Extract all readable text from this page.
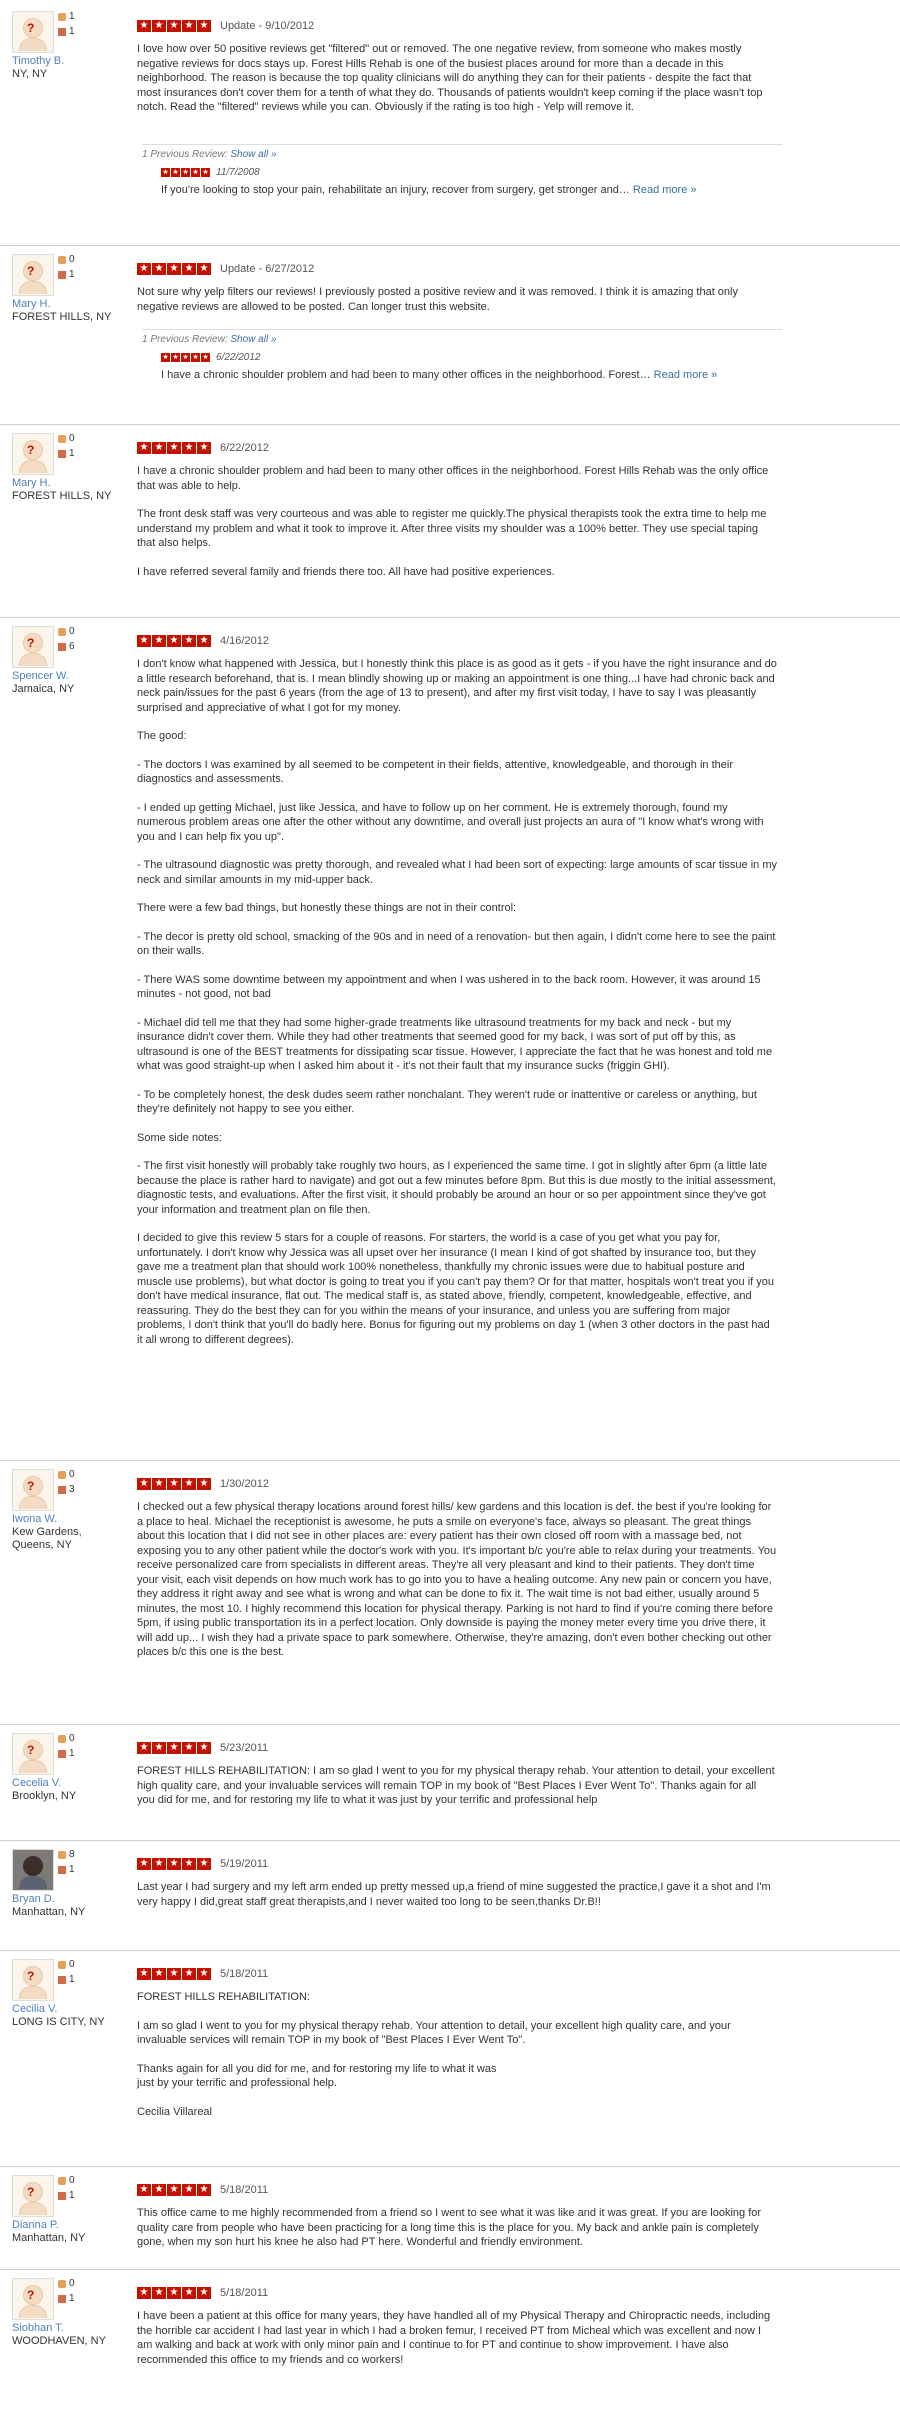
?
1
1
Timothy B.
NY, NY
★ ★ ★ ★ ★ Update - 9/10/2012

I love how over 50 positive reviews get "filtered" out or removed. The one negative review, from someone who makes mostly negative reviews for docs stays up. Forest Hills Rehab is one of the busiest places around for more than a decade in this neighborhood. The reason is because the top quality clinicians will do anything they can for their patients - despite the fact that most insurances don't cover them for a tenth of what they do. Thousands of patients wouldn't keep coming if the place wasn't top notch. Read the "filtered" reviews while you can. Obviously if the rating is too high - Yelp will remove it.

1 Previous Review: Show all »
★ ★ ★ ★ ★ 11/7/2008
If you're looking to stop your pain, rehabilitate an injury, recover from surgery, get stronger and… Read more »
?
0
1
Mary H.
FOREST HILLS, NY
★ ★ ★ ★ ★ Update - 6/27/2012

Not sure why yelp filters our reviews! I previously posted a positive review and it was removed. I think it is amazing that only negative reviews are allowed to be posted. Can longer trust this website.

1 Previous Review: Show all »
★ ★ ★ ★ ★ 6/22/2012
I have a chronic shoulder problem and had been to many other offices in the neighborhood. Forest… Read more »
?
0
1
Mary H.
FOREST HILLS, NY
★ ★ ★ ★ ★ 6/22/2012

I have a chronic shoulder problem and had been to many other offices in the neighborhood. Forest Hills Rehab was the only office that was able to help.

The front desk staff was very courteous and was able to register me quickly.The physical therapists took the extra time to help me understand my problem and what it took to improve it. After three visits my shoulder was a 100% better. They use special taping that also helps.

I have referred several family and friends there too. All have had positive experiences.

?
0
6
Spencer W.
Jamaica, NY
★ ★ ★ ★ ★ 4/16/2012

I don't know what happened with Jessica, but I honestly think this place is as good as it gets - if you have the right insurance and do a little research beforehand, that is. I mean blindly showing up or making an appointment is one thing...I have had chronic back and neck pain/issues for the past 6 years (from the age of 13 to present), and after my first visit today, I have to say I was pleasantly surprised and appreciative of what I got for my money.

The good:

- The doctors I was examined by all seemed to be competent in their fields, attentive, knowledgeable, and thorough in their diagnostics and assessments.

- I ended up getting Michael, just like Jessica, and have to follow up on her comment. He is extremely thorough, found my numerous problem areas one after the other without any downtime, and overall just projects an aura of "I know what's wrong with you and I can help fix you up".

- The ultrasound diagnostic was pretty thorough, and revealed what I had been sort of expecting: large amounts of scar tissue in my neck and similar amounts in my mid-upper back.

There were a few bad things, but honestly these things are not in their control:

- The decor is pretty old school, smacking of the 90s and in need of a renovation- but then again, I didn't come here to see the paint on their walls.

- There WAS some downtime between my appointment and when I was ushered in to the back room. However, it was around 15 minutes - not good, not bad

- Michael did tell me that they had some higher-grade treatments like ultrasound treatments for my back and neck - but my insurance didn't cover them. While they had other treatments that seemed good for my back, I was sort of put off by this, as ultrasound is one of the BEST treatments for dissipating scar tissue. However, I appreciate the fact that he was honest and told me what was good straight-up when I asked him about it - it's not their fault that my insurance sucks (friggin GHI).

- To be completely honest, the desk dudes seem rather nonchalant. They weren't rude or inattentive or careless or anything, but they're definitely not happy to see you either.

Some side notes:

- The first visit honestly will probably take roughly two hours, as I experienced the same time. I got in slightly after 6pm (a little late because the place is rather hard to navigate) and got out a few minutes before 8pm. But this is due mostly to the initial assessment, diagnostic tests, and evaluations. After the first visit, it should probably be around an hour or so per appointment since they've got your information and treatment plan on file then.

I decided to give this review 5 stars for a couple of reasons. For starters, the world is a case of you get what you pay for, unfortunately. I don't know why Jessica was all upset over her insurance (I mean I kind of got shafted by insurance too, but they gave me a treatment plan that should work 100% nonetheless, thankfully my chronic issues were due to habitual posture and muscle use problems), but what doctor is going to treat you if you can't pay them? Or for that matter, hospitals won't treat you if you don't have medical insurance, flat out. The medical staff is, as stated above, friendly, competent, knowledgeable, effective, and reassuring. They do the best they can for you within the means of your insurance, and unless you are suffering from major problems, I don't think that you'll do badly here. Bonus for figuring out my problems on day 1 (when 3 other doctors in the past had it all wrong to different degrees).

?
0
3
Iwona W.
Kew Gardens, Queens, NY
★ ★ ★ ★ ★ 1/30/2012

I checked out a few physical therapy locations around forest hills/ kew gardens and this location is def. the best if you're looking for a place to heal. Michael the receptionist is awesome, he puts a smile on everyone's face, always so pleasant. The great things about this location that I did not see in other places are: every patient has their own closed off room with a massage bed, not exposing you to any other patient while the doctor's work with you. It's important b/c you're able to relax during your treatments. You receive personalized care from specialists in different areas. They're all very pleasant and kind to their patients. They don't time your visit, each visit depends on how much work has to go into you to have a healing outcome. Any new pain or concern you have, they address it right away and see what is wrong and what can be done to fix it. The wait time is not bad either, usually around 5 minutes, the most 10. I highly recommend this location for physical therapy. Parking is not hard to find if you're coming there before 5pm, if using public transportation its in a perfect location. Only downside is paying the money meter every time you drive there, it will add up... I wish they had a private space to park somewhere. Otherwise, they're amazing, don't even bother checking out other places b/c this one is the best.

?
0
1
Cecelia V.
Brooklyn, NY
★ ★ ★ ★ ★ 5/23/2011

FOREST HILLS REHABILITATION: I am so glad I went to you for my physical therapy rehab. Your attention to detail, your excellent high quality care, and your invaluable services will remain TOP in my book of "Best Places I Ever Went To". Thanks again for all you did for me, and for restoring my life to what it was just by your terrific and professional help

8
1
Bryan D.
Manhattan, NY
★ ★ ★ ★ ★ 5/19/2011

Last year I had surgery and my left arm ended up pretty messed up,a friend of mine suggested the practice,I gave it a shot and I'm very happy I did,great staff great therapists,and I never waited too long to be seen,thanks Dr.B!!

?
0
1
Cecilia V.
LONG IS CITY, NY
★ ★ ★ ★ ★ 5/18/2011

FOREST HILLS REHABILITATION:

I am so glad I went to you for my physical therapy rehab. Your attention to detail, your excellent high quality care, and your invaluable services will remain TOP in my book of "Best Places I Ever Went To".

Thanks again for all you did for me, and for restoring my life to what it was
just by your terrific and professional help.

Cecilia Villareal

?
0
1
Dianna P.
Manhattan, NY
★ ★ ★ ★ ★ 5/18/2011

This office came to me highly recommended from a friend so I went to see what it was like and it was great. If you are looking for quality care from people who have been practicing for a long time this is the place for you. My back and ankle pain is completely gone, when my son hurt his knee he also had PT here. Wonderful and friendly environment.

?
0
1
Siobhan T.
WOODHAVEN, NY
★ ★ ★ ★ ★ 5/18/2011

I have been a patient at this office for many years, they have handled all of my Physical Therapy and Chiropractic needs, including the horrible car accident I had last year in which I had a broken femur, I received PT from Micheal which was excellent and now I am walking and back at work with only minor pain and I continue to for PT and continue to show improvement. I have also recommended this office to my friends and co workers!
